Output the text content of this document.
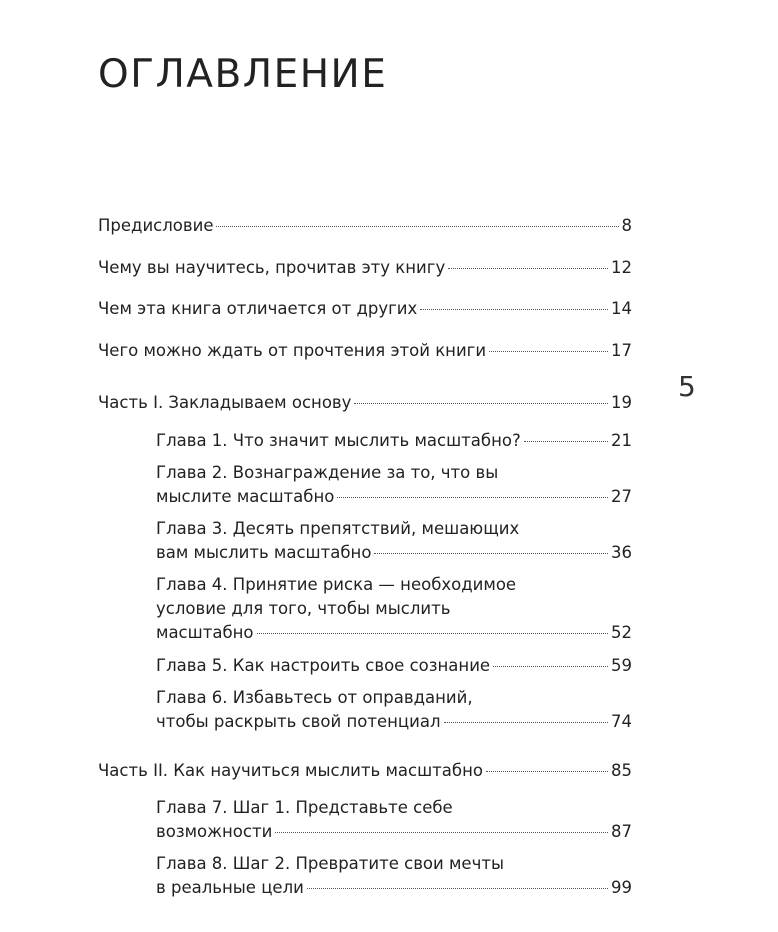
ОГЛАВЛЕНИЕ
Предисловие	8
Чему вы научитесь, прочитав эту книгу	12
Чем эта книга отличается от других	14
Чего можно ждать от прочтения этой книги	17
Часть I. Закладываем основу	19
Глава 1. Что значит мыслить масштабно?	21
Глава 2. Вознаграждение за то, что вы
мыслите масштабно	27
Глава 3. Десять препятствий, мешающих
вам мыслить масштабно	36
Глава 4. Принятие риска — необходимое
условие для того, чтобы мыслить
масштабно	52
Глава 5. Как настроить свое сознание	59
Глава 6. Избавьтесь от оправданий,
чтобы раскрыть свой потенциал	74
Часть II. Как научиться мыслить масштабно	85
Глава 7. Шаг 1. Представьте себе
возможности	87
Глава 8. Шаг 2. Превратите свои мечты
в реальные цели	99
5
